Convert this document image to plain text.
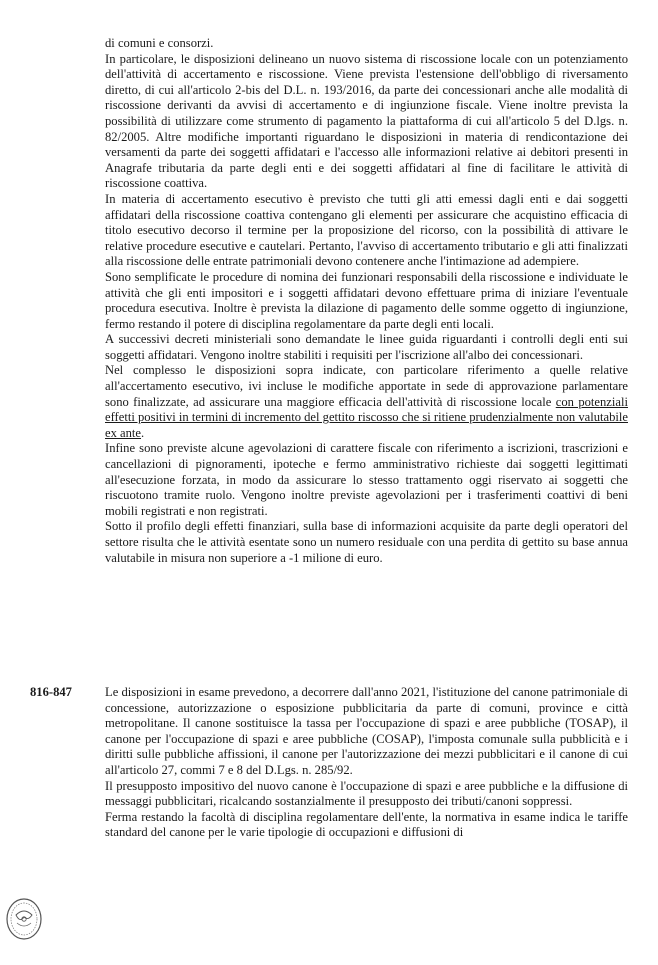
di comuni e consorzi.

In particolare, le disposizioni delineano un nuovo sistema di riscossione locale con un potenziamento dell'attività di accertamento e riscossione. Viene prevista l'estensione dell'obbligo di riversamento diretto, di cui all'articolo 2-bis del D.L. n. 193/2016, da parte dei concessionari anche alle modalità di riscossione derivanti da avvisi di accertamento e di ingiunzione fiscale. Viene inoltre prevista la possibilità di utilizzare come strumento di pagamento la piattaforma di cui all'articolo 5 del D.lgs. n. 82/2005. Altre modifiche importanti riguardano le disposizioni in materia di rendicontazione dei versamenti da parte dei soggetti affidatari e l'accesso alle informazioni relative ai debitori presenti in Anagrafe tributaria da parte degli enti e dei soggetti affidatari al fine di facilitare le attività di riscossione coattiva.

In materia di accertamento esecutivo è previsto che tutti gli atti emessi dagli enti e dai soggetti affidatari della riscossione coattiva contengano gli elementi per assicurare che acquistino efficacia di titolo esecutivo decorso il termine per la proposizione del ricorso, con la possibilità di attivare le relative procedure esecutive e cautelari. Pertanto, l'avviso di accertamento tributario e gli atti finalizzati alla riscossione delle entrate patrimoniali devono contenere anche l'intimazione ad adempiere.

Sono semplificate le procedure di nomina dei funzionari responsabili della riscossione e individuate le attività che gli enti impositori e i soggetti affidatari devono effettuare prima di iniziare l'eventuale procedura esecutiva. Inoltre è prevista la dilazione di pagamento delle somme oggetto di ingiunzione, fermo restando il potere di disciplina regolamentare da parte degli enti locali.

A successivi decreti ministeriali sono demandate le linee guida riguardanti i controlli degli enti sui soggetti affidatari. Vengono inoltre stabiliti i requisiti per l'iscrizione all'albo dei concessionari.

Nel complesso le disposizioni sopra indicate, con particolare riferimento a quelle relative all'accertamento esecutivo, ivi incluse le modifiche apportate in sede di approvazione parlamentare sono finalizzate, ad assicurare una maggiore efficacia dell'attività di riscossione locale con potenziali effetti positivi in termini di incremento del gettito riscosso che si ritiene prudenzialmente non valutabile ex ante.

Infine sono previste alcune agevolazioni di carattere fiscale con riferimento a iscrizioni, trascrizioni e cancellazioni di pignoramenti, ipoteche e fermo amministrativo richieste dai soggetti legittimati all'esecuzione forzata, in modo da assicurare lo stesso trattamento oggi riservato ai soggetti che riscuotono tramite ruolo. Vengono inoltre previste agevolazioni per i trasferimenti coattivi di beni mobili registrati e non registrati.

Sotto il profilo degli effetti finanziari, sulla base di informazioni acquisite da parte degli operatori del settore risulta che le attività esentate sono un numero residuale con una perdita di gettito su base annua valutabile in misura non superiore a -1 milione di euro.

816-847	Le disposizioni in esame prevedono, a decorrere dall'anno 2021, l'istituzione del canone patrimoniale di concessione, autorizzazione o esposizione pubblicitaria da parte di comuni, province e città metropolitane. Il canone sostituisce la tassa per l'occupazione di spazi e aree pubbliche (TOSAP), il canone per l'occupazione di spazi e aree pubbliche (COSAP), l'imposta comunale sulla pubblicità e i diritti sulle pubbliche affissioni, il canone per l'autorizzazione dei mezzi pubblicitari e il canone di cui all'articolo 27, commi 7 e 8 del D.Lgs. n. 285/92.

Il presupposto impositivo del nuovo canone è l'occupazione di spazi e aree pubbliche e la diffusione di messaggi pubblicitari, ricalcando sostanzialmente il presupposto dei tributi/canoni soppressi.

Ferma restando la facoltà di disciplina regolamentare dell'ente, la normativa in esame indica le tariffe standard del canone per le varie tipologie di occupazioni e diffusioni di
